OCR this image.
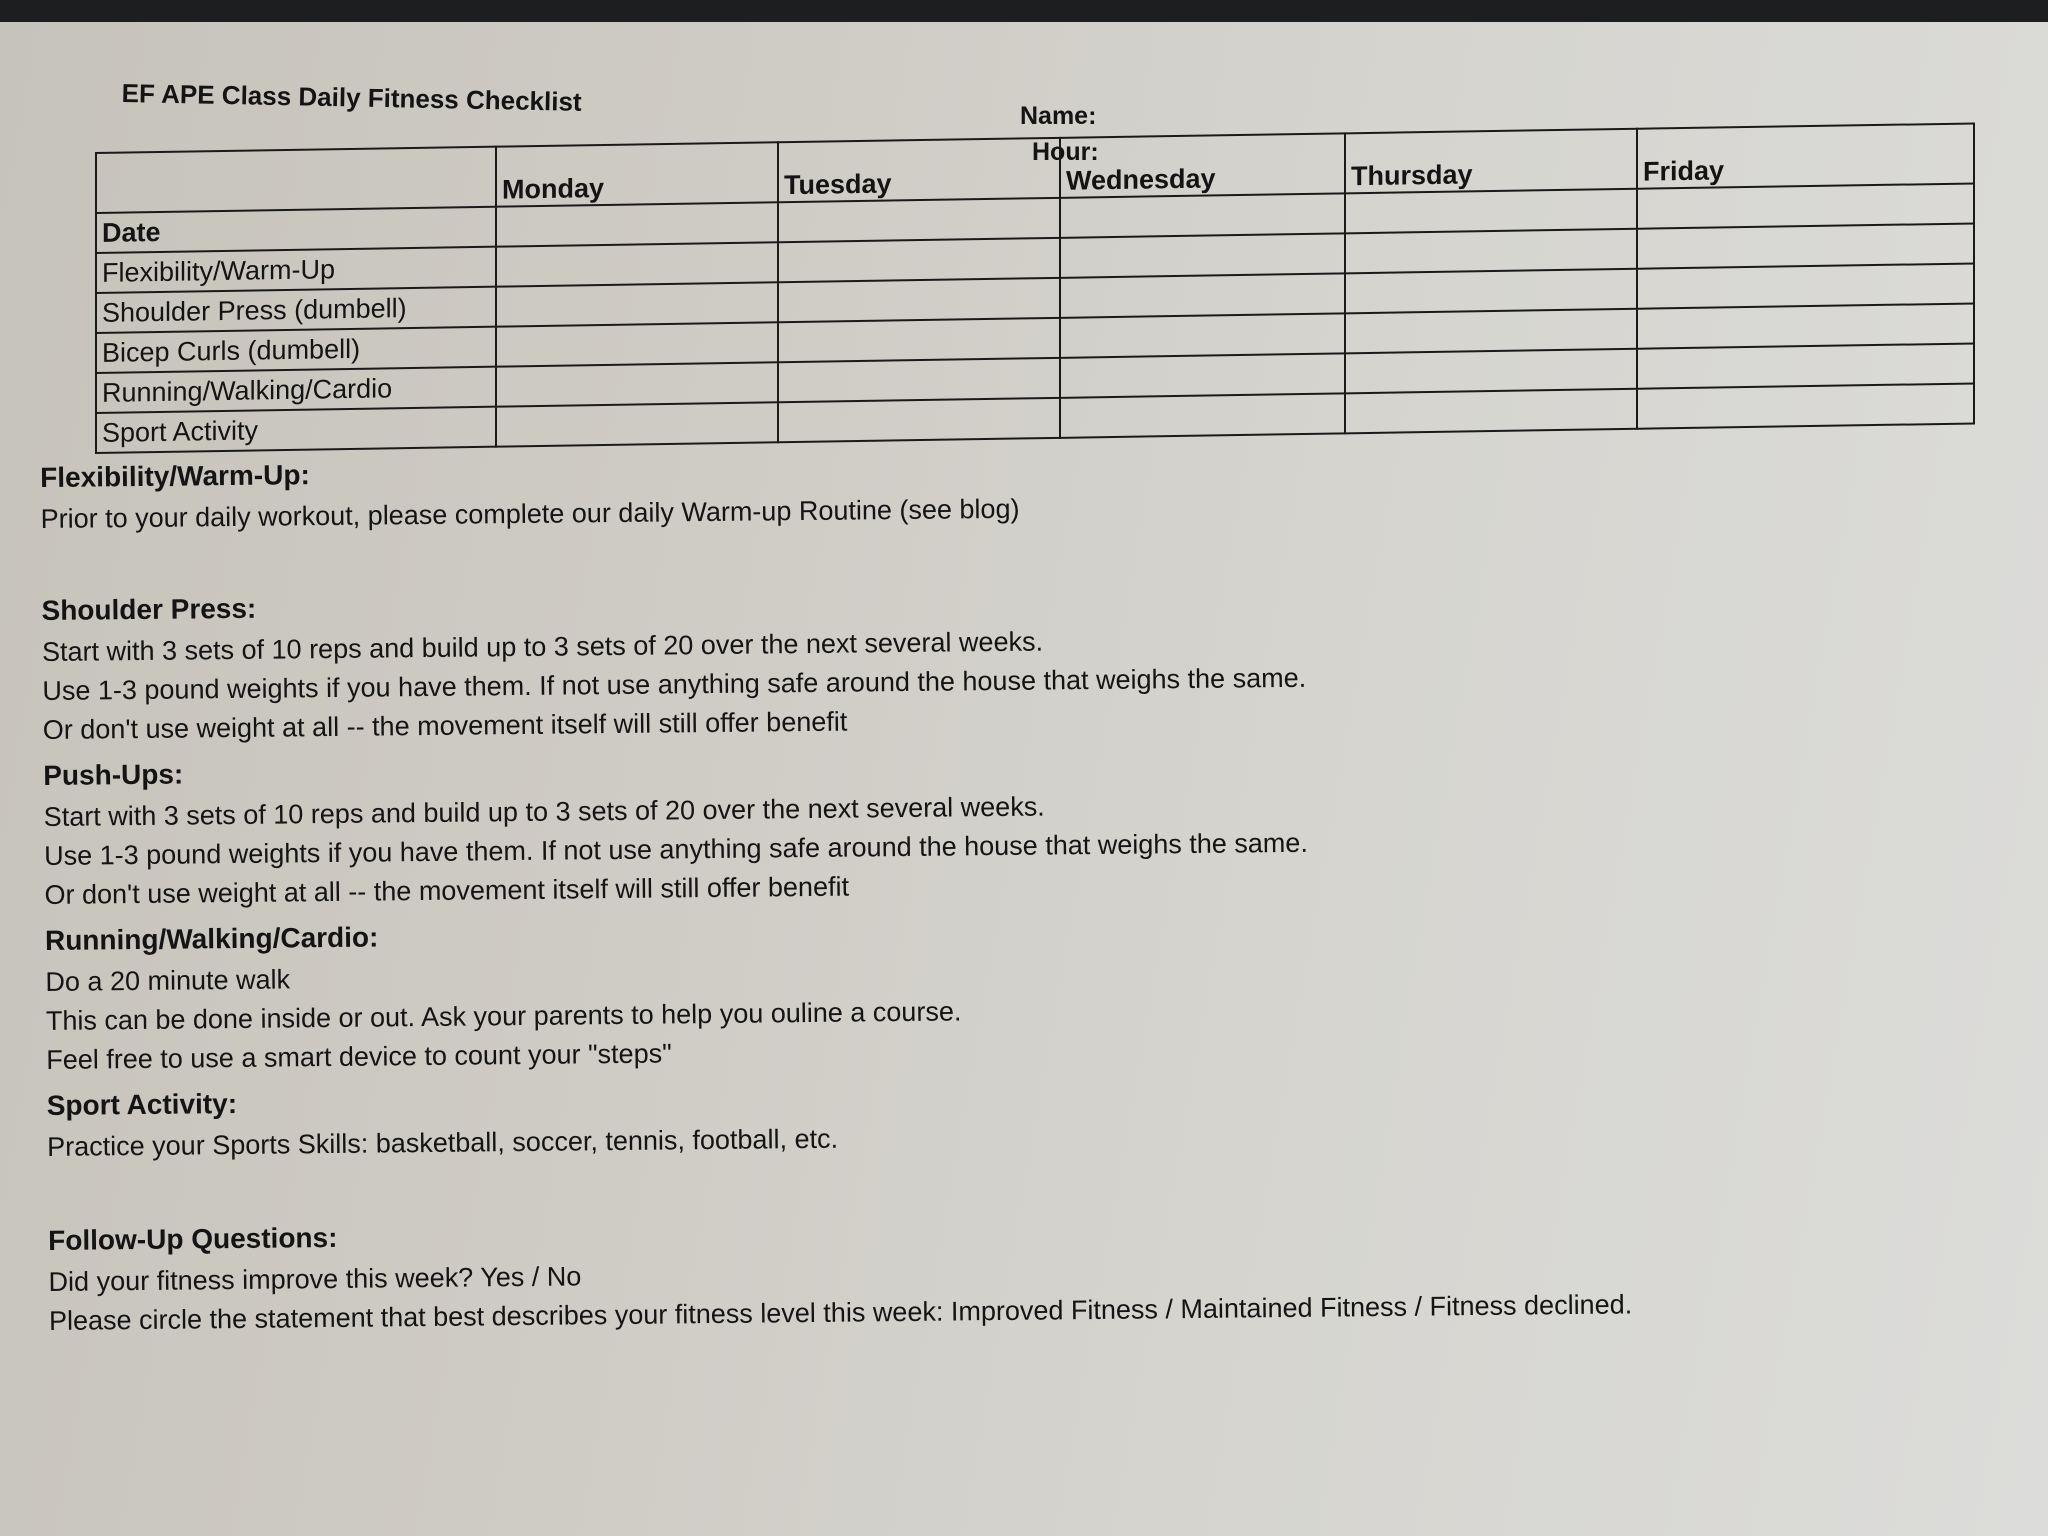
EF APE Class Daily Fitness Checklist	Name:
Hour:
	Monday	Tuesday	Wednesday	Thursday	Friday
Date					
Flexibility/Warm-Up					
Shoulder Press (dumbell)					
Bicep Curls (dumbell)					
Running/Walking/Cardio					
Sport Activity					
Flexibility/Warm-Up:

Prior to your daily workout, please complete our daily Warm-up Routine (see blog)

Shoulder Press:

Start with 3 sets of 10 reps and build up to 3 sets of 20 over the next several weeks.

Use 1-3 pound weights if you have them. If not use anything safe around the house that weighs the same.

Or don't use weight at all -- the movement itself will still offer benefit

Push-Ups:

Start with 3 sets of 10 reps and build up to 3 sets of 20 over the next several weeks.

Use 1-3 pound weights if you have them. If not use anything safe around the house that weighs the same.

Or don't use weight at all -- the movement itself will still offer benefit

Running/Walking/Cardio:

Do a 20 minute walk

This can be done inside or out. Ask your parents to help you ouline a course.

Feel free to use a smart device to count your "steps"

Sport Activity:

Practice your Sports Skills: basketball, soccer, tennis, football, etc.

Follow-Up Questions:

Did your fitness improve this week? Yes / No

Please circle the statement that best describes your fitness level this week: Improved Fitness / Maintained Fitness / Fitness declined.
